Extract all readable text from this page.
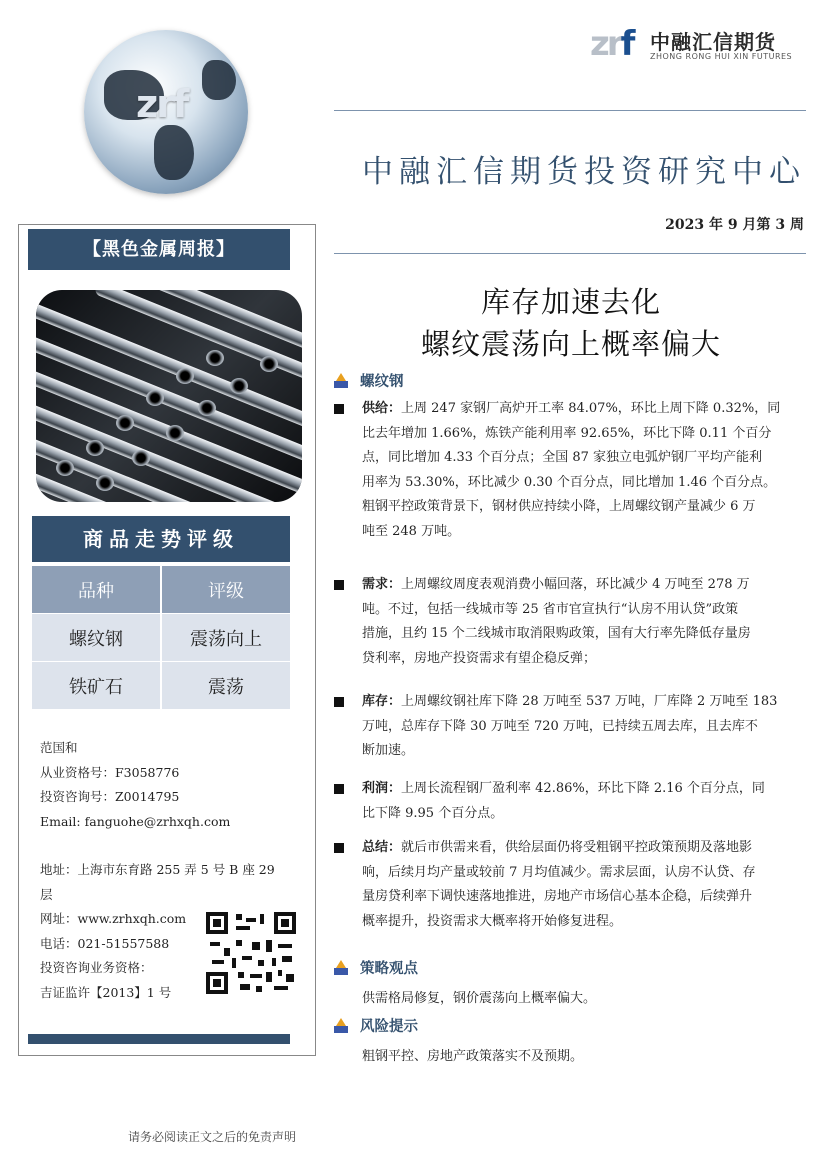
zrf
zrf 中融汇信期货
ZHONG RONG HUI XIN FUTURES
中融汇信期货投资研究中心
2023 年 9 月第 3 周
【黑色金属周报】
商品走势评级
品种	评级
螺纹钢	震荡向上
铁矿石	震荡
范国和
从业资格号：F3058776
投资咨询号：Z0014795
Email: fanguohe@zrhxqh.com
地址：上海市东育路 255 弄 5 号 B 座 29
层
网址：www.zrhxqh.com
电话：021-51557588
投资咨询业务资格：
吉证监许【2013】1 号
库存加速去化
螺纹震荡向上概率偏大
螺纹钢
供给：上周 247 家钢厂高炉开工率 84.07%，环比上周下降 0.32%，同
比去年增加 1.66%，炼铁产能利用率 92.65%，环比下降 0.11 个百分
点，同比增加 4.33 个百分点；全国 87 家独立电弧炉钢厂平均产能利
用率为 53.30%，环比减少 0.30 个百分点，同比增加 1.46 个百分点。
粗钢平控政策背景下，钢材供应持续小降，上周螺纹钢产量减少 6 万
吨至 248 万吨。
需求：上周螺纹周度表观消费小幅回落，环比减少 4 万吨至 278 万
吨。不过，包括一线城市等 25 省市官宣执行“认房不用认贷”政策
措施，且约 15 个二线城市取消限购政策，国有大行率先降低存量房
贷利率，房地产投资需求有望企稳反弹；
库存：上周螺纹钢社库下降 28 万吨至 537 万吨，厂库降 2 万吨至 183
万吨，总库存下降 30 万吨至 720 万吨，已持续五周去库，且去库不
断加速。
利润：上周长流程钢厂盈利率 42.86%，环比下降 2.16 个百分点，同
比下降 9.95 个百分点。
总结：就后市供需来看，供给层面仍将受粗钢平控政策预期及落地影
响，后续月均产量或较前 7 月均值减少。需求层面，认房不认贷、存
量房贷利率下调快速落地推进，房地产市场信心基本企稳，后续弹升
概率提升，投资需求大概率将开始修复进程。
策略观点
供需格局修复，钢价震荡向上概率偏大。
风险提示
粗钢平控、房地产政策落实不及预期。
请务必阅读正文之后的免责声明
